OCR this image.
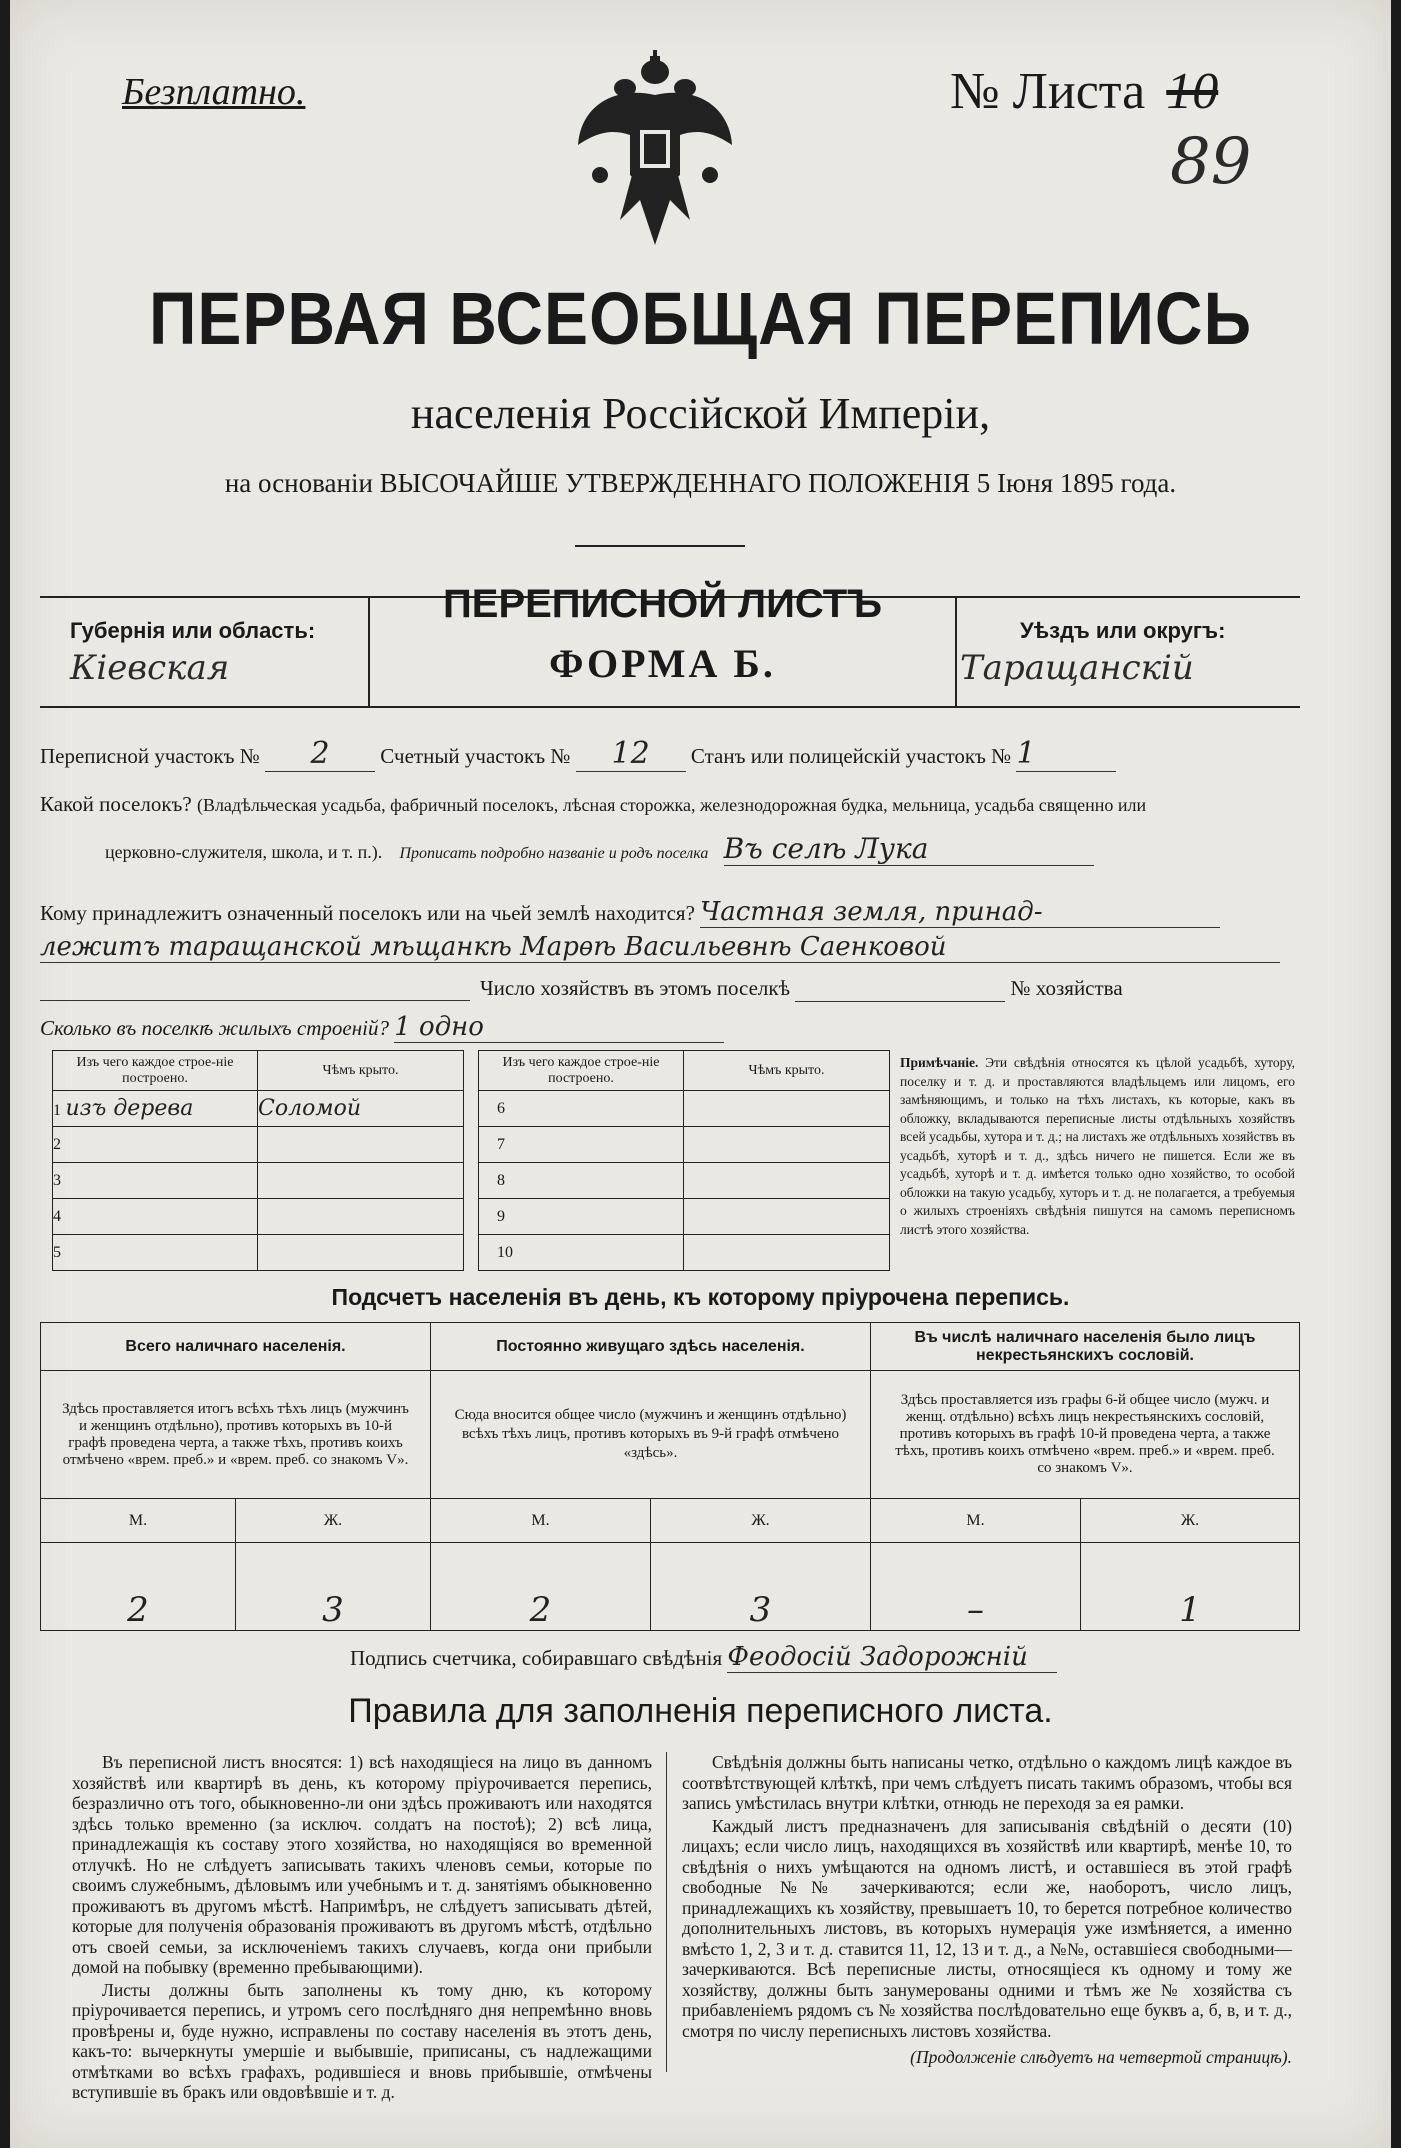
Безплатно.	№ Листа 10
89
ПЕРВАЯ ВСЕОБЩАЯ ПЕРЕПИСЬ
населенія Россійской Имперіи,
на основаніи ВЫСОЧАЙШЕ УТВЕРЖДЕННАГО ПОЛОЖЕНІЯ 5 Іюня 1895 года.
Губернія или область:
Кіевская
ПЕРЕПИСНОЙ ЛИСТЪ
ФОРМА Б.
Уѣздъ или округъ:
Таращанскій
Переписной участокъ № 2 Счетный участокъ № 12 Станъ или полицейскій участокъ № 1
Какой поселокъ? (Владѣльческая усадьба, фабричный поселокъ, лѣсная сторожка, железнодорожная будка, мельница, усадьба священно или
церковно-служителя, школа, и т. п.). Прописать подробно названіе и родъ поселка Въ селѣ Лука
Кому принадлежитъ означенный поселокъ или на чьей землѣ находится? Частная земля, принад-
лежитъ таращанской мѣщанкѣ Марѳѣ Васильевнѣ Саенковой
Число хозяйствъ въ этомъ поселкѣ	№ хозяйства
Сколько въ поселкѣ жилыхъ строеній? 1 одно
Изъ чего каждое строе-ніе построено.	Чѣмъ крыто.
1 изъ дерева	Соломой
2	
3	
4	
5	
Изъ чего каждое строе-ніе построено.	Чѣмъ крыто.
6	
7	
8	
9	
10	
Примѣчаніе. Эти свѣдѣнія относятся къ цѣлой усадьбѣ, хутору, поселку и т. д. и проставляются владѣльцемъ или лицомъ, его замѣняющимъ, и только на тѣхъ листахъ, къ которые, какъ въ обложку, вкладываются переписные листы отдѣльныхъ хозяйствъ всей усадьбы, хутора и т. д.; на листахъ же отдѣльныхъ хозяйствъ въ усадьбѣ, хуторѣ и т. д., здѣсь ничего не пишется. Если же въ усадьбѣ, хуторѣ и т. д. имѣется только одно хозяйство, то особой обложки на такую усадьбу, хуторъ и т. д. не полагается, а требуемыя о жилыхъ строеніяхъ свѣдѣнія пишутся на самомъ переписномъ листѣ этого хозяйства.
Подсчетъ населенія въ день, къ которому пріурочена перепись.
Всего наличнаго населенія.		Постоянно живущаго здѣсь населенія.		Въ числѣ наличнаго населенія было лицъ некрестьянскихъ сословій.	
Здѣсь проставляется итогъ всѣхъ тѣхъ лицъ (мужчинъ и женщинъ отдѣльно), противъ которыхъ въ 10-й графѣ проведена черта, а также тѣхъ, противъ коихъ отмѣчено «врем. преб.» и «врем. преб. со знакомъ V».		Сюда вносится общее число (мужчинъ и женщинъ отдѣльно) всѣхъ тѣхъ лицъ, противъ которыхъ въ 9-й графѣ отмѣчено «здѣсь».		Здѣсь проставляется изъ графы 6-й общее число (мужч. и женщ. отдѣльно) всѣхъ лицъ некрестьянскихъ сословій, противъ которыхъ въ графѣ 10-й проведена черта, а также тѣхъ, противъ коихъ отмѣчено «врем. преб.» и «врем. преб. со знакомъ V».	
М.	Ж.	М.	Ж.	М.	Ж.
2	3	2	3	–	1
Подпись счетчика, собиравшаго свѣдѣнія Феодосій Задорожній
Правила для заполненія переписного листа.

Въ переписной листъ вносятся: 1) всѣ находящіеся на лицо въ данномъ хозяйствѣ или квартирѣ въ день, къ которому пріурочивается перепись, безразлично отъ того, обыкновенно-ли они здѣсь проживаютъ или находятся здѣсь только временно (за исключ. солдатъ на постоѣ); 2) всѣ лица, принадлежащія къ составу этого хозяйства, но находящіяся во временной отлучкѣ. Но не слѣдуетъ записывать такихъ членовъ семьи, которые по своимъ служебнымъ, дѣловымъ или учебнымъ и т. д. занятіямъ обыкновенно проживаютъ въ другомъ мѣстѣ. Напримѣръ, не слѣдуетъ записывать дѣтей, которые для полученія образованія проживаютъ въ другомъ мѣстѣ, отдѣльно отъ своей семьи, за исключеніемъ такихъ случаевъ, когда они прибыли домой на побывку (временно пребывающими).

Листы должны быть заполнены къ тому дню, къ которому пріурочивается перепись, и утромъ сего послѣдняго дня непремѣнно вновь провѣрены и, буде нужно, исправлены по составу населенія въ этотъ день, какъ-то: вычеркнуты умершіе и выбывшіе, приписаны, съ надлежащими отмѣтками во всѣхъ графахъ, родившіеся и вновь прибывшіе, отмѣчены вступившіе въ бракъ или овдовѣвшіе и т. д.

Свѣдѣнія должны быть написаны четко, отдѣльно о каждомъ лицѣ каждое въ соотвѣтствующей клѣткѣ, при чемъ слѣдуетъ писать такимъ образомъ, чтобы вся запись умѣстилась внутри клѣтки, отнюдь не переходя за ея рамки.

Каждый листъ предназначенъ для записыванія свѣдѣній о десяти (10) лицахъ; если число лицъ, находящихся въ хозяйствѣ или квартирѣ, менѣе 10, то свѣдѣнія о нихъ умѣщаются на одномъ листѣ, и оставшіеся въ этой графѣ свободные №№ зачеркиваются; если же, наоборотъ, число лицъ, принадлежащихъ къ хозяйству, превышаетъ 10, то берется потребное количество дополнительныхъ листовъ, въ которыхъ нумерація уже измѣняется, а именно вмѣсто 1, 2, 3 и т. д. ставится 11, 12, 13 и т. д., а №№, оставшіеся свободными—зачеркиваются. Всѣ переписные листы, относящіеся къ одному и тому же хозяйству, должны быть занумерованы одними и тѣмъ же № хозяйства съ прибавленіемъ рядомъ съ № хозяйства послѣдовательно еще буквъ а, б, в, и т. д., смотря по числу переписныхъ листовъ хозяйства.

(Продолженіе слѣдуетъ на четвертой страницѣ).
